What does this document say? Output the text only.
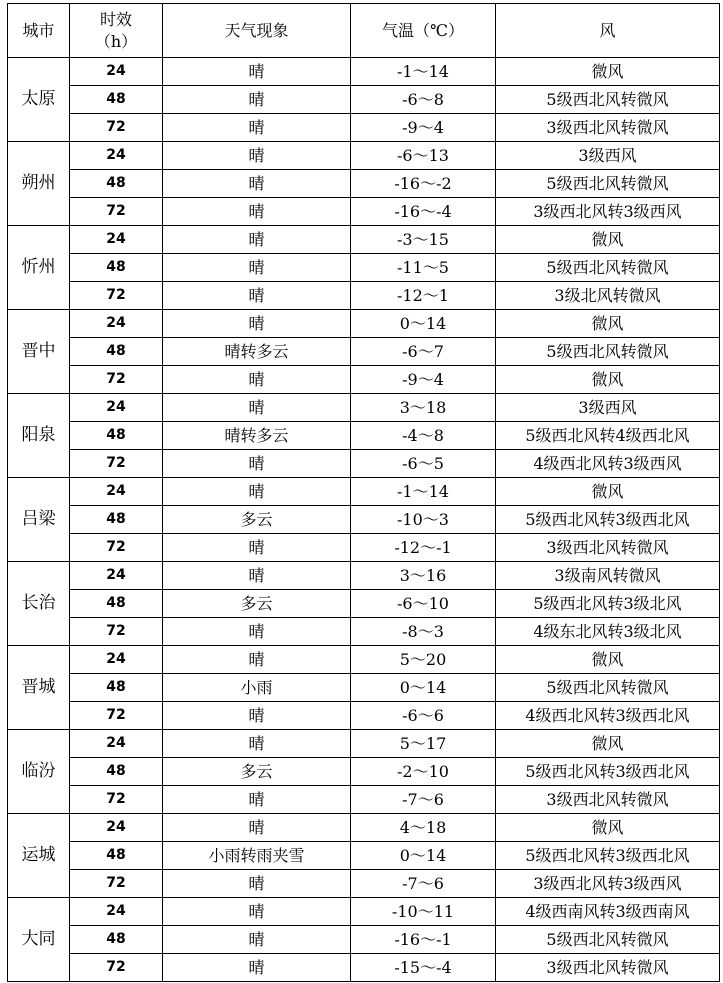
城市	时效（h）	天气现象	气温（℃）	风
太原	24	晴	-1～14	微风
	48	晴	-6～8	5级西北风转微风
	72	晴	-9～4	3级西北风转微风
朔州	24	晴	-6～13	3级西风
	48	晴	-16～-2	5级西北风转微风
	72	晴	-16～-4	3级西北风转3级西风
忻州	24	晴	-3～15	微风
	48	晴	-11～5	5级西北风转微风
	72	晴	-12～1	3级北风转微风
晋中	24	晴	0～14	微风
	48	晴转多云	-6～7	5级西北风转微风
	72	晴	-9～4	微风
阳泉	24	晴	3～18	3级西风
	48	晴转多云	-4～8	5级西北风转4级西北风
	72	晴	-6～5	4级西北风转3级西风
吕梁	24	晴	-1～14	微风
	48	多云	-10～3	5级西北风转3级西北风
	72	晴	-12～-1	3级西北风转微风
长治	24	晴	3～16	3级南风转微风
	48	多云	-6～10	5级西北风转3级北风
	72	晴	-8～3	4级东北风转3级北风
晋城	24	晴	5～20	微风
	48	小雨	0～14	5级西北风转微风
	72	晴	-6～6	4级西北风转3级西北风
临汾	24	晴	5～17	微风
	48	多云	-2～10	5级西北风转3级西北风
	72	晴	-7～6	3级西北风转微风
运城	24	晴	4～18	微风
	48	小雨转雨夹雪	0～14	5级西北风转3级西北风
	72	晴	-7～6	3级西北风转3级西风
大同	24	晴	-10～11	4级西南风转3级西南风
	48	晴	-16～-1	5级西北风转微风
	72	晴	-15～-4	3级西北风转微风
